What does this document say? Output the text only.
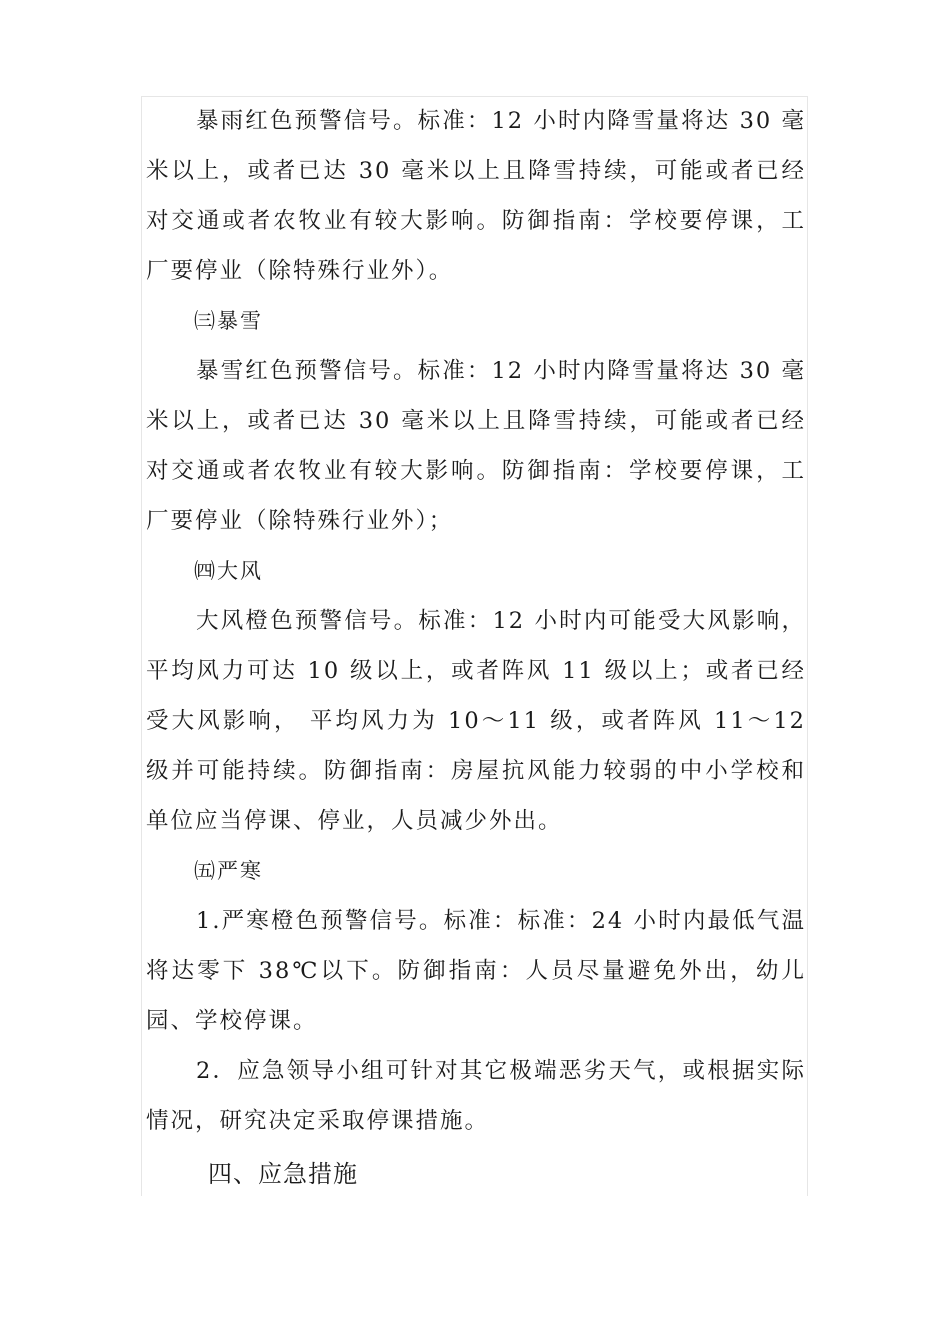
暴雨红色预警信号。标准：12 小时内降雪量将达 30 毫米以上，或者已达 30 毫米以上且降雪持续，可能或者已经对交通或者农牧业有较大影响。防御指南：学校要停课，工厂要停业（除特殊行业外）。

㈢暴雪

暴雪红色预警信号。标准：12 小时内降雪量将达 30 毫米以上，或者已达 30 毫米以上且降雪持续，可能或者已经对交通或者农牧业有较大影响。防御指南：学校要停课，工厂要停业（除特殊行业外）；

㈣大风

大风橙色预警信号。标准：12 小时内可能受大风影响，平均风力可达 10 级以上，或者阵风 11 级以上；或者已经受大风影响， 平均风力为 10～11 级，或者阵风 11～12 级并可能持续。防御指南：房屋抗风能力较弱的中小学校和单位应当停课、停业，人员减少外出。

㈤严寒

1.严寒橙色预警信号。标准：标准：24 小时内最低气温将达零下 38℃以下。防御指南：人员尽量避免外出，幼儿园、学校停课。

2．应急领导小组可针对其它极端恶劣天气，或根据实际情况，研究决定采取停课措施。

四、应急措施
